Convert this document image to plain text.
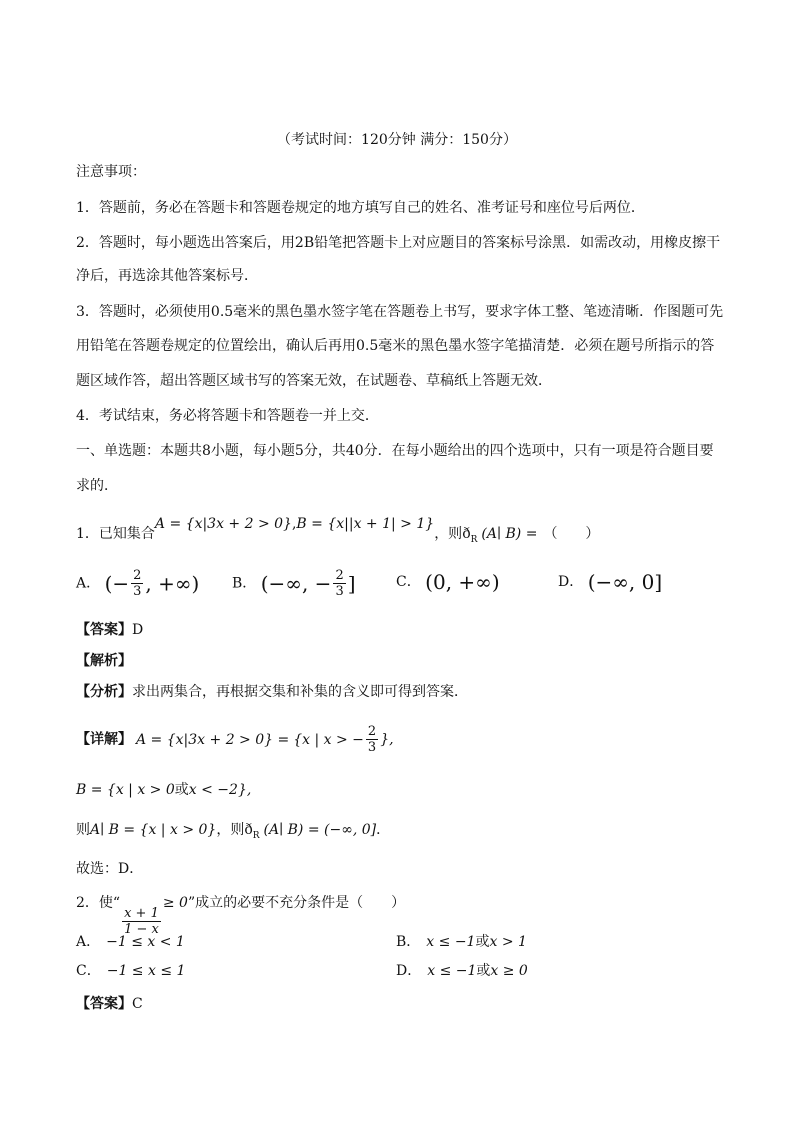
（考试时间：120分钟 满分：150分）
注意事项：
1．答题前，务必在答题卡和答题卷规定的地方填写自己的姓名、准考证号和座位号后两位．
2．答题时，每小题选出答案后，用2B铅笔把答题卡上对应题目的答案标号涂黑．如需改动，用橡皮擦干
净后，再选涂其他答案标号．
3．答题时，必须使用0.5毫米的黑色墨水签字笔在答题卷上书写，要求字体工整、笔迹清晰．作图题可先
用铅笔在答题卷规定的位置绘出，确认后再用0.5毫米的黑色墨水签字笔描清楚．必须在题号所指示的答
题区域作答，超出答题区域书写的答案无效，在试题卷、草稿纸上答题无效．
4．考试结束，务必将答题卡和答题卷一并上交．
一、单选题：本题共8小题，每小题5分，共40分．在每小题给出的四个选项中，只有一项是符合题目要
求的．
1．已知集合A = {x|3x + 2 > 0},B = {x||x + 1| > 1}，则$ð_R$ (A∣ B) = （　　）
A． (− $\frac{2}{3}$ , +∞) B． (−∞, − $\frac{2}{3}$ ]	C． (0, +∞)	D． (−∞, 0]
【答案】D
【解析】
【分析】求出两集合，再根据交集和补集的含义即可得到答案．
【详解】 A = {x|3x + 2 > 0} = {x | x > − $\frac{2}{3}$ },
B = {x | x > 0或x < −2},
则A∣ B = {x | x > 0}，则$ð_R$ (A∣ B) = (−∞, 0]．
故选：D．
2．使“
$\frac{x + 1}{1 - x}$
≥ 0”成立的必要不充分条件是（　　）
A． −1 ≤ x < 1	B． x ≤ −1或x > 1
C． −1 ≤ x ≤ 1	D． x ≤ −1或x ≥ 0
【答案】C
